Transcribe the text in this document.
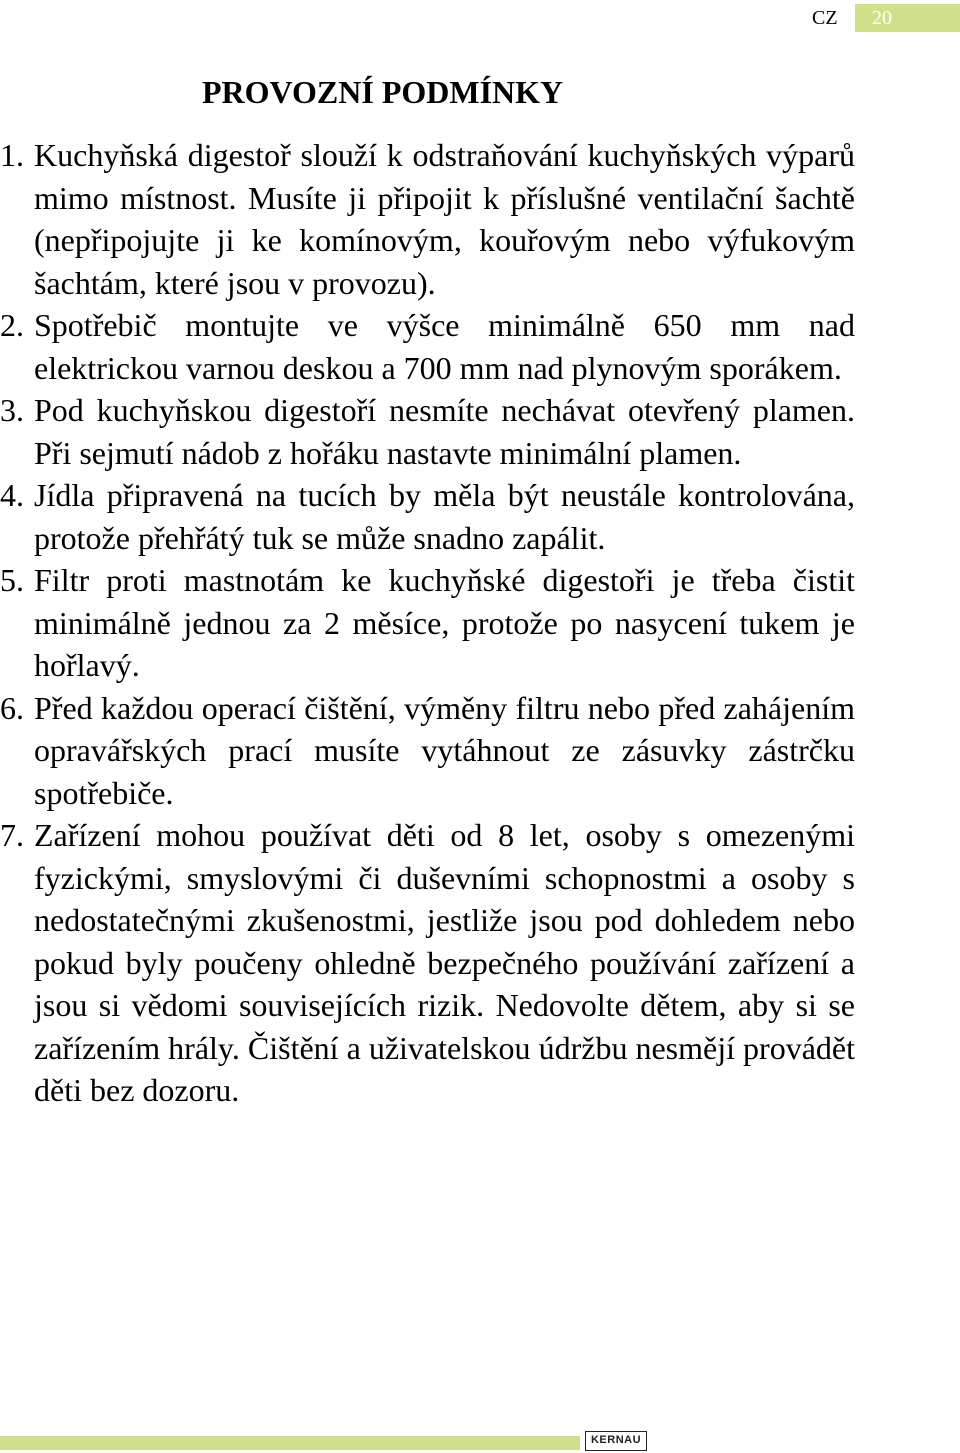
CZ 20
PROVOZNÍ PODMÍNKY
1. Kuchyňská digestoř slouží k odstraňování kuchyňských výparů mimo místnost. Musíte ji připojit k příslušné ventilační šachtě (nepřipojujte ji ke komínovým, kouřovým nebo výfukovým šachtám, které jsou v provozu).
2. Spotřebič montujte ve výšce minimálně 650 mm nad elektrickou varnou deskou a 700 mm nad plynovým sporákem.
3. Pod kuchyňskou digestoří nesmíte nechávat otevřený plamen. Při sejmutí nádob z hořáku nastavte minimální plamen.
4. Jídla připravená na tucích by měla být neustále kontrolována, protože přehřátý tuk se může snadno zapálit.
5. Filtr proti mastnotám ke kuchyňské digestoři je třeba čistit minimálně jednou za 2 měsíce, protože po nasycení tukem je hořlavý.
6. Před každou operací čištění, výměny filtru nebo před zahájením opravářských prací musíte vytáhnout ze zásuvky zástrčku spotřebiče.
7. Zařízení mohou používat děti od 8 let, osoby s omezenými fyzickými, smyslovými či duševními schopnostmi a osoby s nedostatečnými zkušenostmi, jestliže jsou pod dohledem nebo pokud byly poučeny ohledně bezpečného používání zařízení a jsou si vědomi souvisejících rizik. Nedovolte dětem, aby si se zařízením hrály. Čištění a uživatelskou údržbu nesmějí provádět děti bez dozoru.
KERNAU
